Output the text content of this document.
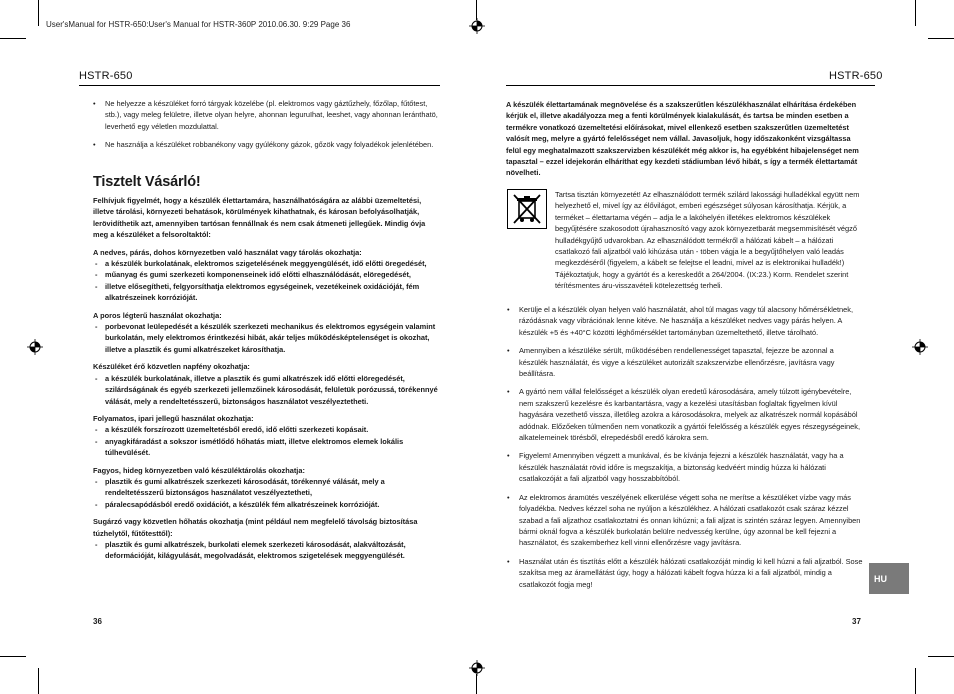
User'sManual for HSTR-650:User's Manual for HSTR-360P 2010.06.30. 9:29 Page 36
HSTR-650	HSTR-650
• Ne helyezze a készüléket forró tárgyak közelébe (pl. elektromos vagy gáztűzhely, főzőlap, fűtőtest, stb.), vagy meleg felületre, illetve olyan helyre, ahonnan leguruIhat, leeshet, vagy ahonnan leránthatö, leverhető egy véletlen mozdulattal.
• Ne használja a készüléket robbanékony vagy gyúlékony gázok, gőzök vagy folyadékok jelenlétében.
Tisztelt Vásárló!

Felhívjuk figyelmét, hogy a készülék élettartamára, használhatóságára az alábbi üzemeltetési, illetve tárolási, környezeti behatások, körülmények kihathatnak, és károsan befolyásolhatják, lerövidíthetik azt, amennyiben tartósan fennállnak és nem csak átmeneti jellegűek. Mindig óvja meg a készüléket a felsoroltaktól:

A nedves, párás, dohos környezetben való használat vagy tárolás okozhatja:

- a készülék burkolatának, elektromos szigetelésének meggyengülését, idő előtti öregedését,
- műanyag és gumi szerkezeti komponenseinek idő előtti elhasználódását, elöregedését,
- illetve elősegítheti, felgyorsíthatja elektromos egységeinek, vezetékeinek oxidációját, fém alkatrészeinek korrózióját.

A poros légterű használat okozhatja:

- porbevonat leülepedését a készülék szerkezeti mechanikus és elektromos egységein valamint burkolatán, mely elektromos érintkezési hibát, akár teljes működésképtelenséget is okozhat, illetve a plasztik és gumi alkatrészeket károsíthatja.

Készüléket érő közvetlen napfény okozhatja:

- a készülék burkolatának, illetve a plasztik és gumi alkatrészek idő előtti elöregedését, szilárdságának és egyéb szerkezeti jellemzőinek károsodását, felületük porózussá, törékennyé válását, mely a rendeltetésszerű, biztonságos használatot veszélyeztetheti.

Folyamatos, ipari jellegű használat okozhatja:

- a készülék forszírozott üzemeltetésből eredő, idő előtti szerkezeti kopásait.
- anyagkifáradást a sokszor ismétlődő hőhatás miatt, illetve elektromos elemek lokális túlhevülését.

Fagyos, hideg környezetben való készüléktárolás okozhatja:

- plasztik és gumi alkatrészek szerkezeti károsodását, törékennyé válását, mely a rendeltetésszerű biztonságos használatot veszélyeztetheti,
- páralecsapódásból eredő oxidációt, a készülék fém alkatrészeinek korrózióját.

Sugárzó vagy közvetlen hőhatás okozhatja (mint például nem megfelelő távolság biztosítása túzhelytől, fűtőtesttől):

- plasztik és gumi alkatrészek, burkolati elemek szerkezeti károsodását, alakváltozását, deformációját, kilágyulását, megolvadását, elektromos szigetelések meggyengülését.
36
A készülék élettartamának megnövelése és a szakszerűtlen készülékhasználat elhárítása érdekében kérjük el, illetve akadályozza meg a fenti körülmények kialakulását, és tartsa be minden esetben a termékre vonatkozó üzemeltetési előírásokat, mivel ellenkező esetben szakszerűtlen üzemeltetést valósít meg, melyre a gyártó felelősséget nem vállal. Javasoljuk, hogy időszakonként vizsgáltassa felül egy meghatalmazott szakszervizben készülékét még akkor is, ha egyébként hibajelenséget nem tapasztal – ezzel idejekorán elháríthat egy kezdeti stádiumban lévő hibát, s így a termék élettartamát növelheti.

Tartsa tisztán környezetét! Az elhasználódott termék szilárd lakossági hulladékkal együtt nem helyezhető el, mivel így az élővilágot, emberi egészséget súlyosan károsíthatja. Kérjük, a terméket – élettartama végén – adja le a lakóhelyén illetékes elektromos készülékek begyűjtésére szakosodott újrahasznosító vagy azok környezetbarát megsemmisítését végző hulladékgyűjtő udvarokban. Az elhasználódott termékről a hálózati kábelt – a hálózati csatlakozó fali aljzatból való kihúzása után - töben vágja le a begyűjtőhelyen való leadás megkezdéséről (figyelem, a kábelt se felejtse el leadni, mivel az is elektronikai hulladék!)

Tájékoztatjuk, hogy a gyártót és a kereskedőt a 264/2004. (IX:23.) Korm. Rendelet szerint térítésmentes áru-visszavételi kötelezettség terheli.

• Kerülje el a készülék olyan helyen való használatát, ahol túl magas vagy túl alacsony hőmérsékletnek, rázódásnak vagy vibrációnak lenne kitéve. Ne használja a készüléket nedves vagy párás helyen. A készülék +5 és +40°C közötti léghőmérséklet tartományban üzemeltethető, illetve tárolható.
• Amennyiben a készüléke sérült, működésében rendellenességet tapasztal, fejezze be azonnal a készülék használatát, és vigye a készüléket autorizált szakszervizbe ellenőrzésre, javításra vagy beállításra.
• A gyártó nem vállal felelősséget a készülék olyan eredetű károsodására, amely túlzott igénybevételre, nem szakszerű kezelésre és karbantartásra, vagy a kezelési utasításban foglaltak figyelmen kívül hagyására vezethető vissza, illetőleg azokra a károsodásokra, melyek az alkatrészek normál kopásából adódnak. Előzőeken túlmenően nem vonatkozik a gyártói felelősség a készülék egyes részegységeinek, alkatelemeinek törésből, elrepedésből eredő károkra sem.
• Figyelem! Amennyiben végzett a munkával, és be kívánja fejezni a készülék használatát, vagy ha a készülék használatát rövid időre is megszakítja, a biztonság kedvéért mindig húzza ki hálózati csatlakozóját a fali aljzatból vagy hosszabbítóból.
• Az elektromos áramütés veszélyének elkerülése végett soha ne merítse a készüléket vízbe vagy más folyadékba. Nedves kézzel soha ne nyúljon a készülékhez. A hálózati csatlakozót csak száraz kézzel szabad a fali aljzathoz csatlakoztatni és onnan kihúzni; a fali aljzat is szintén száraz legyen. Amennyiben bármi oknál fogva a készülék burkolatán belülre nedvesség kerülne, úgy azonnal be kell fejezni a használatot, és szakemberhez kell vinni ellenőrzésre vagy javításra.
• Használat után és tisztítás előtt a készülék hálózati csatlakozóját mindig ki kell húzni a fali aljzatból. Sose szakítsa meg az áramellátást úgy, hogy a hálózati kábelt fogva húzza ki a fali aljzatból, mindig a csatlakozót fogja meg!
HU
37
